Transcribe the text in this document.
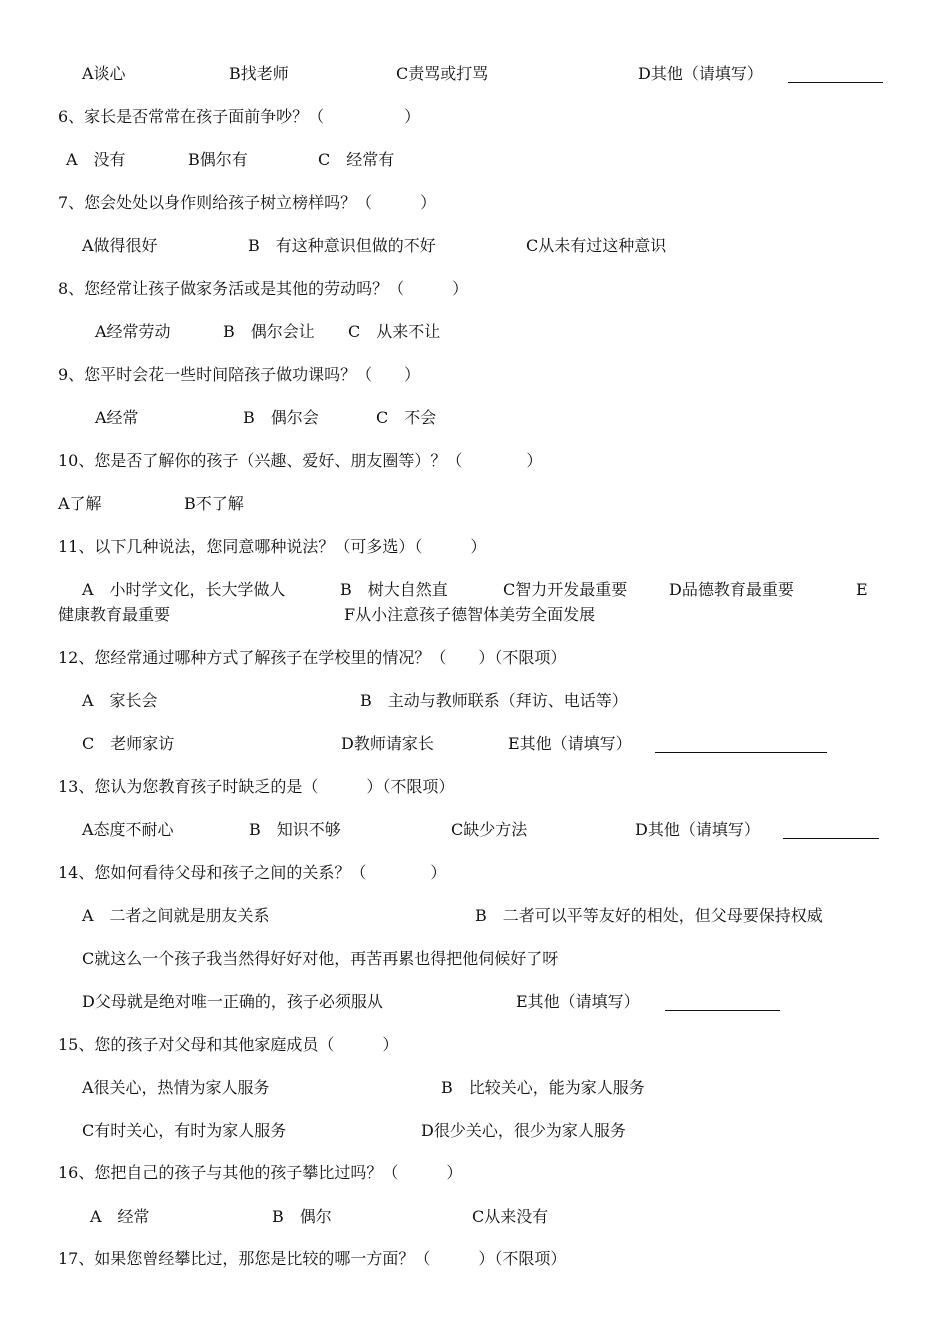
A谈心	B找老师	C责骂或打骂	D其他（请填写）
6、家长是否常常在孩子面前争吵？（　　　　　）
A　没有	B偶尔有	C　经常有
7、您会处处以身作则给孩子树立榜样吗？（　　　）
A做得很好	B　有这种意识但做的不好	C从未有过这种意识
8、您经常让孩子做家务活或是其他的劳动吗？（　　　）
A经常劳动	B　偶尔会让 C　从来不让
9、您平时会花一些时间陪孩子做功课吗？（　　）
A经常	B　偶尔会	C　不会
10、您是否了解你的孩子（兴趣、爱好、朋友圈等）？（　　　　）
A了解	B不了解
11、以下几种说法，您同意哪种说法？（可多选）（　　　）
A　小时学文化，长大学做人	B　树大自然直	C智力开发最重要	D品德教育最重要	E
健康教育最重要	F从小注意孩子德智体美劳全面发展
12、您经常通过哪种方式了解孩子在学校里的情况？（　　）（不限项）
A　家长会	B　主动与教师联系（拜访、电话等）
C　老师家访	D教师请家长	E其他（请填写）
13、您认为您教育孩子时缺乏的是（　　　）（不限项）
A态度不耐心	B　知识不够	C缺少方法	D其他（请填写）
14、您如何看待父母和孩子之间的关系？（　　　　）
A　二者之间就是朋友关系	B　二者可以平等友好的相处，但父母要保持权威
C就这么一个孩子我当然得好好对他，再苦再累也得把他伺候好了呀
D父母就是绝对唯一正确的，孩子必须服从	E其他（请填写）
15、您的孩子对父母和其他家庭成员（　　　）
A很关心，热情为家人服务	B　比较关心，能为家人服务
C有时关心，有时为家人服务	D很少关心，很少为家人服务
16、您把自己的孩子与其他的孩子攀比过吗？（　　　）
A　经常	B　偶尔	C从来没有
17、如果您曾经攀比过，那您是比较的哪一方面？（　　　）（不限项）
